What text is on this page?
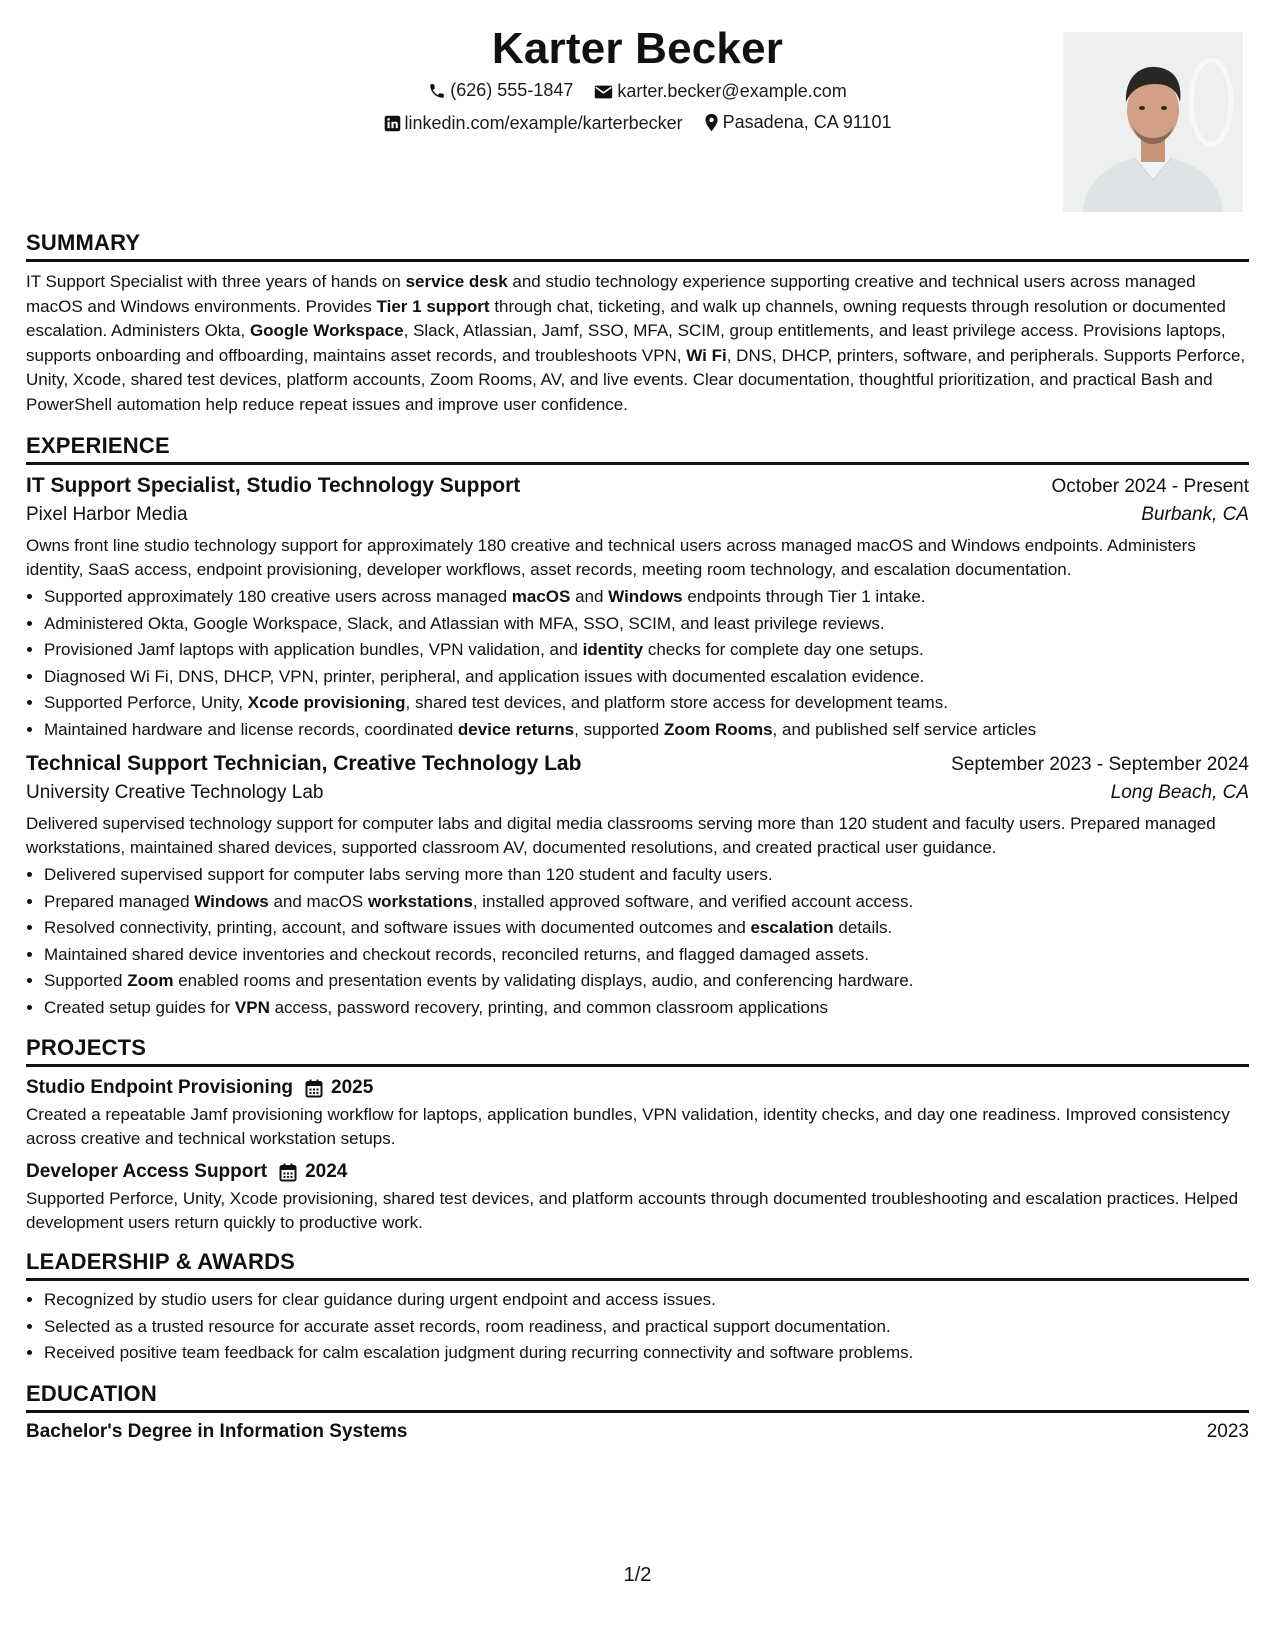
Karter Becker
(626) 555-1847
karter.becker@example.com
linkedin.com/example/karterbecker
Pasadena, CA 91101
SUMMARY

IT Support Specialist with three years of hands on service desk and studio technology experience supporting creative and technical users across managed macOS and Windows environments. Provides Tier 1 support through chat, ticketing, and walk up channels, owning requests through resolution or documented escalation. Administers Okta, Google Workspace, Slack, Atlassian, Jamf, SSO, MFA, SCIM, group entitlements, and least privilege access. Provisions laptops, supports onboarding and offboarding, maintains asset records, and troubleshoots VPN, Wi Fi, DNS, DHCP, printers, software, and peripherals. Supports Perforce, Unity, Xcode, shared test devices, platform accounts, Zoom Rooms, AV, and live events. Clear documentation, thoughtful prioritization, and practical Bash and PowerShell automation help reduce repeat issues and improve user confidence.

EXPERIENCE
IT Support Specialist, Studio Technology Support	October 2024 - Present
Pixel Harbor Media	Burbank, CA
Owns front line studio technology support for approximately 180 creative and technical users across managed macOS and Windows endpoints. Administers identity, SaaS access, endpoint provisioning, developer workflows, asset records, meeting room technology, and escalation documentation.
• Supported approximately 180 creative users across managed macOS and Windows endpoints through Tier 1 intake.
• Administered Okta, Google Workspace, Slack, and Atlassian with MFA, SSO, SCIM, and least privilege reviews.
• Provisioned Jamf laptops with application bundles, VPN validation, and identity checks for complete day one setups.
• Diagnosed Wi Fi, DNS, DHCP, VPN, printer, peripheral, and application issues with documented escalation evidence.
• Supported Perforce, Unity, Xcode provisioning, shared test devices, and platform store access for development teams.
• Maintained hardware and license records, coordinated device returns, supported Zoom Rooms, and published self service articles
Technical Support Technician, Creative Technology Lab	September 2023 - September 2024
University Creative Technology Lab	Long Beach, CA
Delivered supervised technology support for computer labs and digital media classrooms serving more than 120 student and faculty users. Prepared managed workstations, maintained shared devices, supported classroom AV, documented resolutions, and created practical user guidance.
• Delivered supervised support for computer labs serving more than 120 student and faculty users.
• Prepared managed Windows and macOS workstations, installed approved software, and verified account access.
• Resolved connectivity, printing, account, and software issues with documented outcomes and escalation details.
• Maintained shared device inventories and checkout records, reconciled returns, and flagged damaged assets.
• Supported Zoom enabled rooms and presentation events by validating displays, audio, and conferencing hardware.
• Created setup guides for VPN access, password recovery, printing, and common classroom applications
PROJECTS
Studio Endpoint Provisioning 2025
Created a repeatable Jamf provisioning workflow for laptops, application bundles, VPN validation, identity checks, and day one readiness. Improved consistency across creative and technical workstation setups.
Developer Access Support 2024
Supported Perforce, Unity, Xcode provisioning, shared test devices, and platform accounts through documented troubleshooting and escalation practices. Helped development users return quickly to productive work.
LEADERSHIP & AWARDS
• Recognized by studio users for clear guidance during urgent endpoint and access issues.
• Selected as a trusted resource for accurate asset records, room readiness, and practical support documentation.
• Received positive team feedback for calm escalation judgment during recurring connectivity and software problems.
EDUCATION
Bachelor's Degree in Information Systems	2023
1/2
